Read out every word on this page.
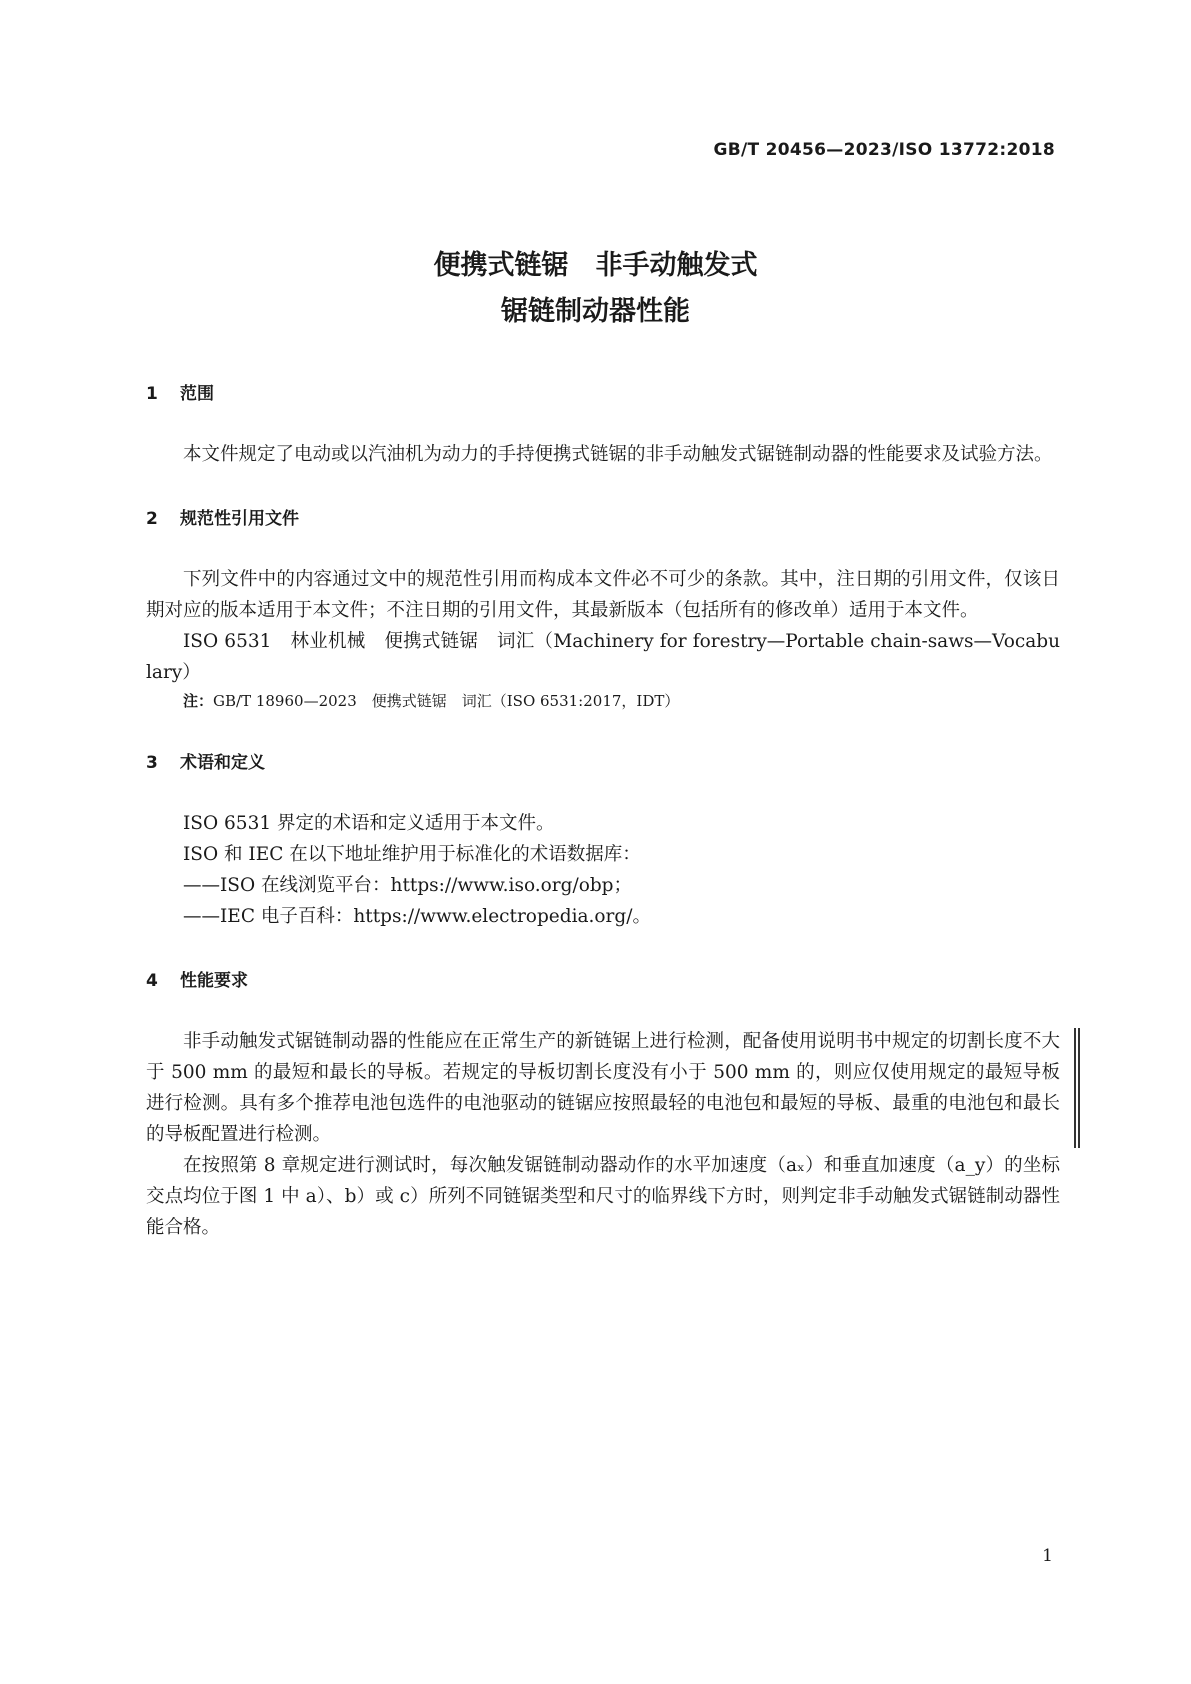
GB/T 20456—2023/ISO 13772:2018
便携式链锯　非手动触发式
锯链制动器性能
1 范围

本文件规定了电动或以汽油机为动力的手持便携式链锯的非手动触发式锯链制动器的性能要求及试验方法。

2 规范性引用文件

下列文件中的内容通过文中的规范性引用而构成本文件必不可少的条款。其中，注日期的引用文件，仅该日期对应的版本适用于本文件；不注日期的引用文件，其最新版本（包括所有的修改单）适用于本文件。

ISO 6531　林业机械　便携式链锯　词汇（Machinery for forestry—Portable chain-saws—Vocabulary）

注：GB/T 18960—2023　便携式链锯　词汇（ISO 6531:2017，IDT）

3 术语和定义

ISO 6531 界定的术语和定义适用于本文件。

ISO 和 IEC 在以下地址维护用于标准化的术语数据库：

——ISO 在线浏览平台：https://www.iso.org/obp；

——IEC 电子百科：https://www.electropedia.org/。

4 性能要求

非手动触发式锯链制动器的性能应在正常生产的新链锯上进行检测，配备使用说明书中规定的切割长度不大于 500 mm 的最短和最长的导板。若规定的导板切割长度没有小于 500 mm 的，则应仅使用规定的最短导板进行检测。具有多个推荐电池包选件的电池驱动的链锯应按照最轻的电池包和最短的导板、最重的电池包和最长的导板配置进行检测。

在按照第 8 章规定进行测试时，每次触发锯链制动器动作的水平加速度（aₓ）和垂直加速度（a_y）的坐标交点均位于图 1 中 a）、b）或 c）所列不同链锯类型和尺寸的临界线下方时，则判定非手动触发式锯链制动器性能合格。

1
